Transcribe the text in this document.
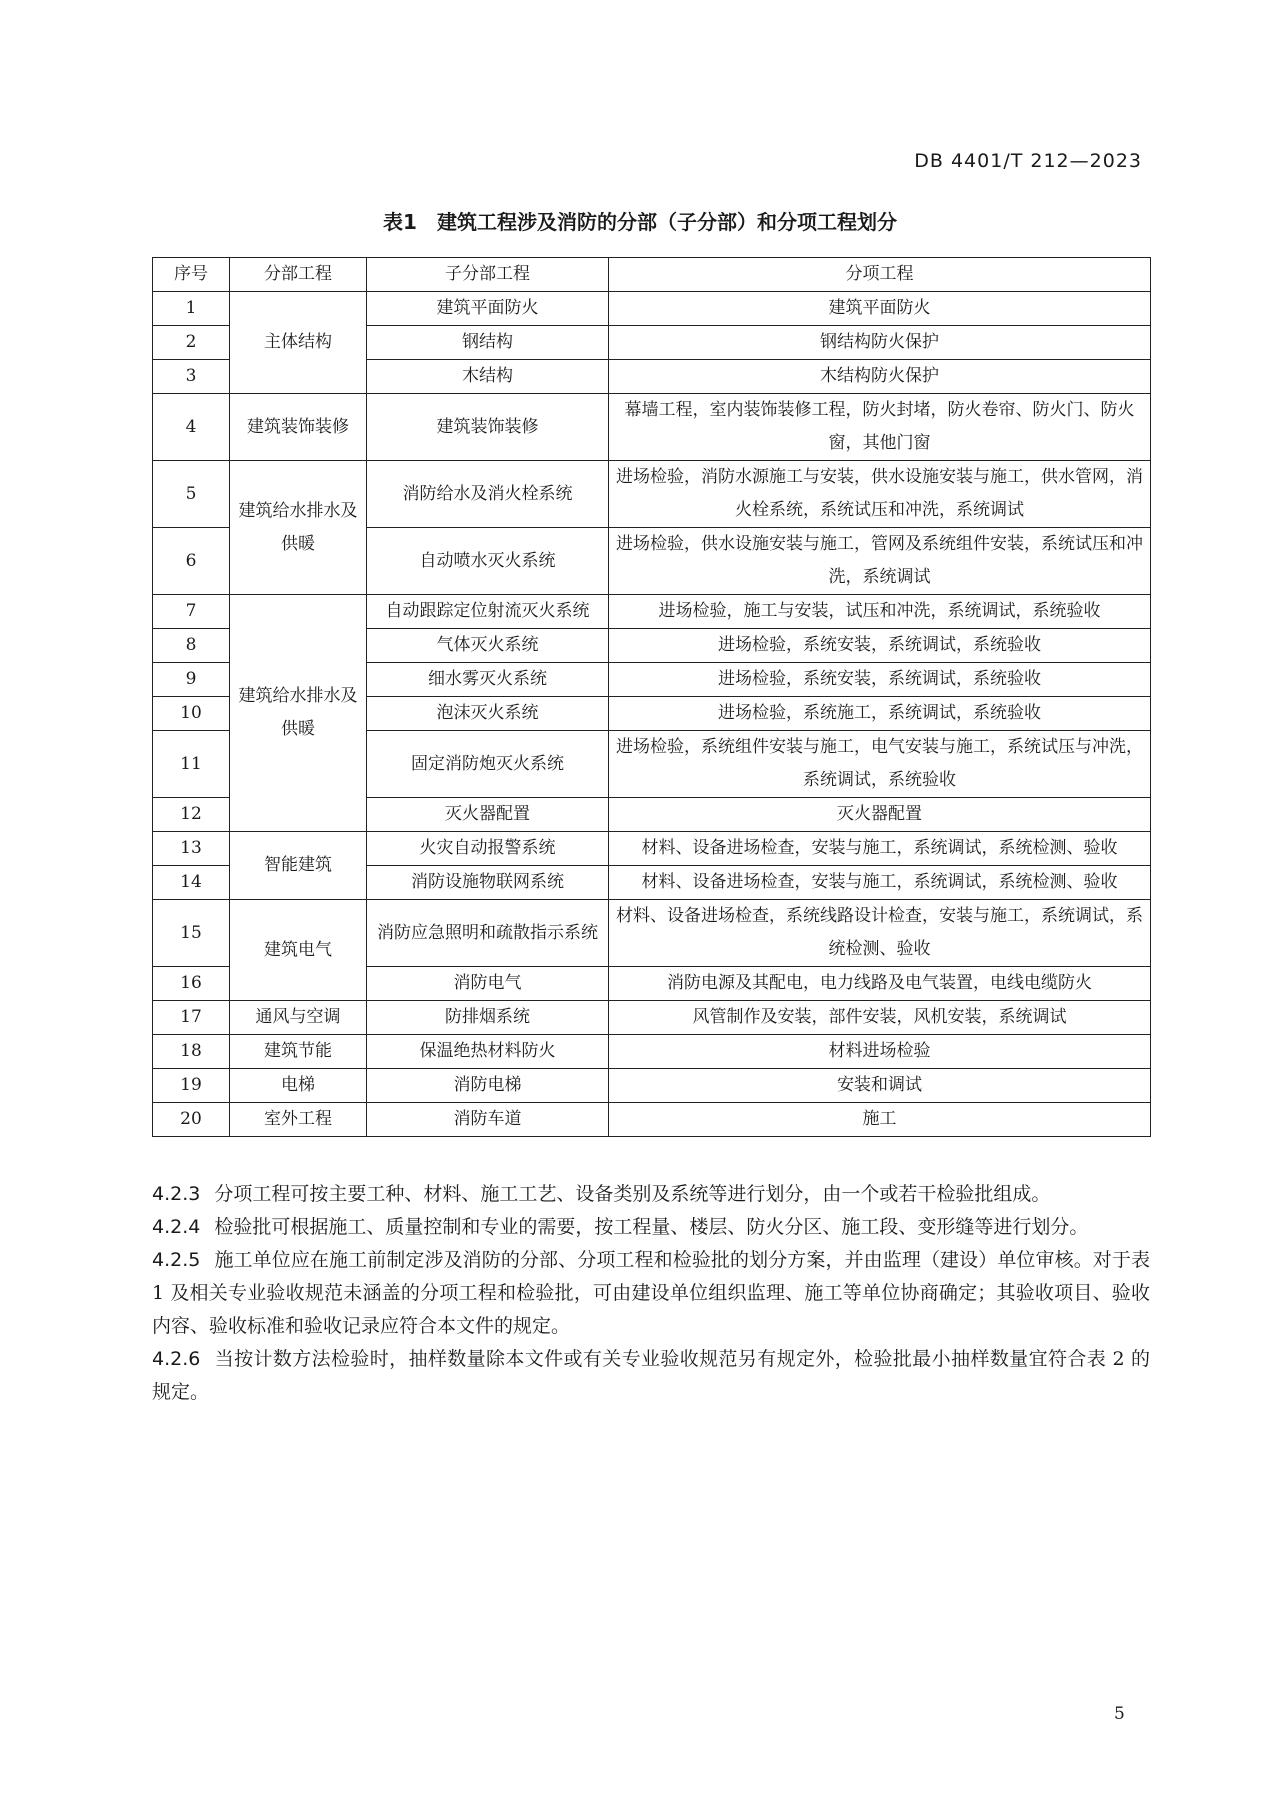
DB 4401/T 212—2023
表1　建筑工程涉及消防的分部（子分部）和分项工程划分
序号	分部工程	子分部工程	分项工程
1	主体结构	建筑平面防火	建筑平面防火
2		钢结构	钢结构防火保护
3		木结构	木结构防火保护
4	建筑装饰装修	建筑装饰装修	幕墙工程，室内装饰装修工程，防火封堵，防火卷帘、防火门、防火窗，其他门窗
5	建筑给水排水及供暖	消防给水及消火栓系统	进场检验，消防水源施工与安装，供水设施安装与施工，供水管网，消火栓系统，系统试压和冲洗，系统调试
6		自动喷水灭火系统	进场检验，供水设施安装与施工，管网及系统组件安装，系统试压和冲洗，系统调试
7	建筑给水排水及供暖	自动跟踪定位射流灭火系统	进场检验，施工与安装，试压和冲洗，系统调试，系统验收
8		气体灭火系统	进场检验，系统安装，系统调试，系统验收
9		细水雾灭火系统	进场检验，系统安装，系统调试，系统验收
10		泡沫灭火系统	进场检验，系统施工，系统调试，系统验收
11		固定消防炮灭火系统	进场检验，系统组件安装与施工，电气安装与施工，系统试压与冲洗，系统调试，系统验收
12		灭火器配置	灭火器配置
13	智能建筑	火灾自动报警系统	材料、设备进场检查，安装与施工，系统调试，系统检测、验收
14		消防设施物联网系统	材料、设备进场检查，安装与施工，系统调试，系统检测、验收
15	建筑电气	消防应急照明和疏散指示系统	材料、设备进场检查，系统线路设计检查，安装与施工，系统调试，系统检测、验收
16		消防电气	消防电源及其配电，电力线路及电气装置，电线电缆防火
17	通风与空调	防排烟系统	风管制作及安装，部件安装，风机安装，系统调试
18	建筑节能	保温绝热材料防火	材料进场检验
19	电梯	消防电梯	安装和调试
20	室外工程	消防车道	施工

4.2.3 分项工程可按主要工种、材料、施工工艺、设备类别及系统等进行划分，由一个或若干检验批组成。

4.2.4 检验批可根据施工、质量控制和专业的需要，按工程量、楼层、防火分区、施工段、变形缝等进行划分。

4.2.5 施工单位应在施工前制定涉及消防的分部、分项工程和检验批的划分方案，并由监理（建设）单位审核。对于表 1 及相关专业验收规范未涵盖的分项工程和检验批，可由建设单位组织监理、施工等单位协商确定；其验收项目、验收内容、验收标准和验收记录应符合本文件的规定。

4.2.6 当按计数方法检验时，抽样数量除本文件或有关专业验收规范另有规定外，检验批最小抽样数量宜符合表 2 的规定。

5
